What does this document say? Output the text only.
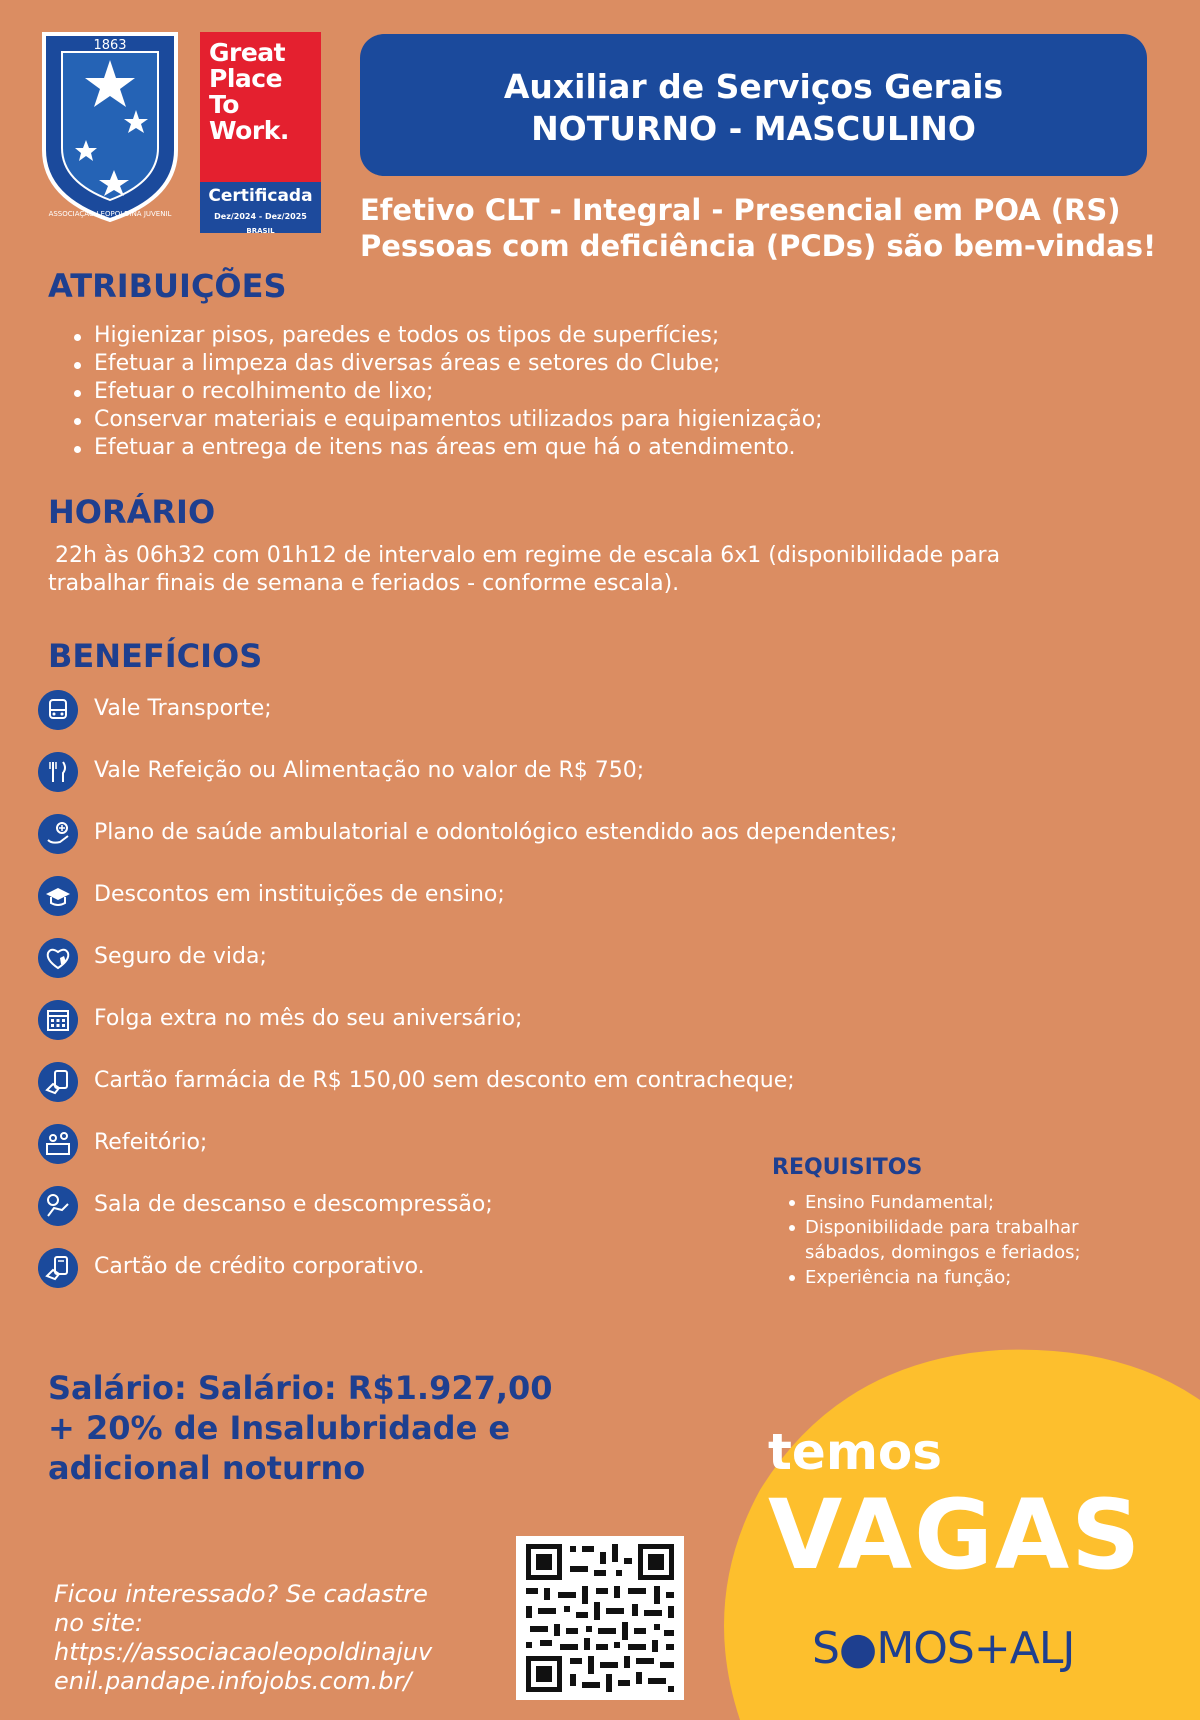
1863
ASSOCIAÇÃO LEOPOLDINA JUVENIL
Great
Place
To
Work.
Certificada
Dez/2024 - Dez/2025
BRASIL
Auxiliar de Serviços Gerais
NOTURNO - MASCULINO
Efetivo CLT - Integral - Presencial em POA (RS)
Pessoas com deficiência (PCDs) são bem-vindas!
ATRIBUIÇÕES
Higienizar pisos, paredes e todos os tipos de superfícies;
Efetuar a limpeza das diversas áreas e setores do Clube;
Efetuar o recolhimento de lixo;
Conservar materiais e equipamentos utilizados para higienização;
Efetuar a entrega de itens nas áreas em que há o atendimento.
HORÁRIO
22h às 06h32 com 01h12 de intervalo em regime de escala 6x1 (disponibilidade para
trabalhar finais de semana e feriados - conforme escala).
BENEFÍCIOS
Vale Transporte;
Vale Refeição ou Alimentação no valor de R$ 750;
Plano de saúde ambulatorial e odontológico estendido aos dependentes;
Descontos em instituições de ensino;
Seguro de vida;
Folga extra no mês do seu aniversário;
Cartão farmácia de R$ 150,00 sem desconto em contracheque;
Refeitório;
Sala de descanso e descompressão;
Cartão de crédito corporativo.
REQUISITOS
Ensino Fundamental;
Disponibilidade para trabalhar sábados, domingos e feriados;
Experiência na função;
Salário: Salário: R$1.927,00
+ 20% de Insalubridade e
adicional noturno
Ficou interessado? Se cadastre
no site:
https://associacaoleopoldinajuv
enil.pandape.infojobs.com.br/
temos
VAGAS
S●MOS+ALJ
